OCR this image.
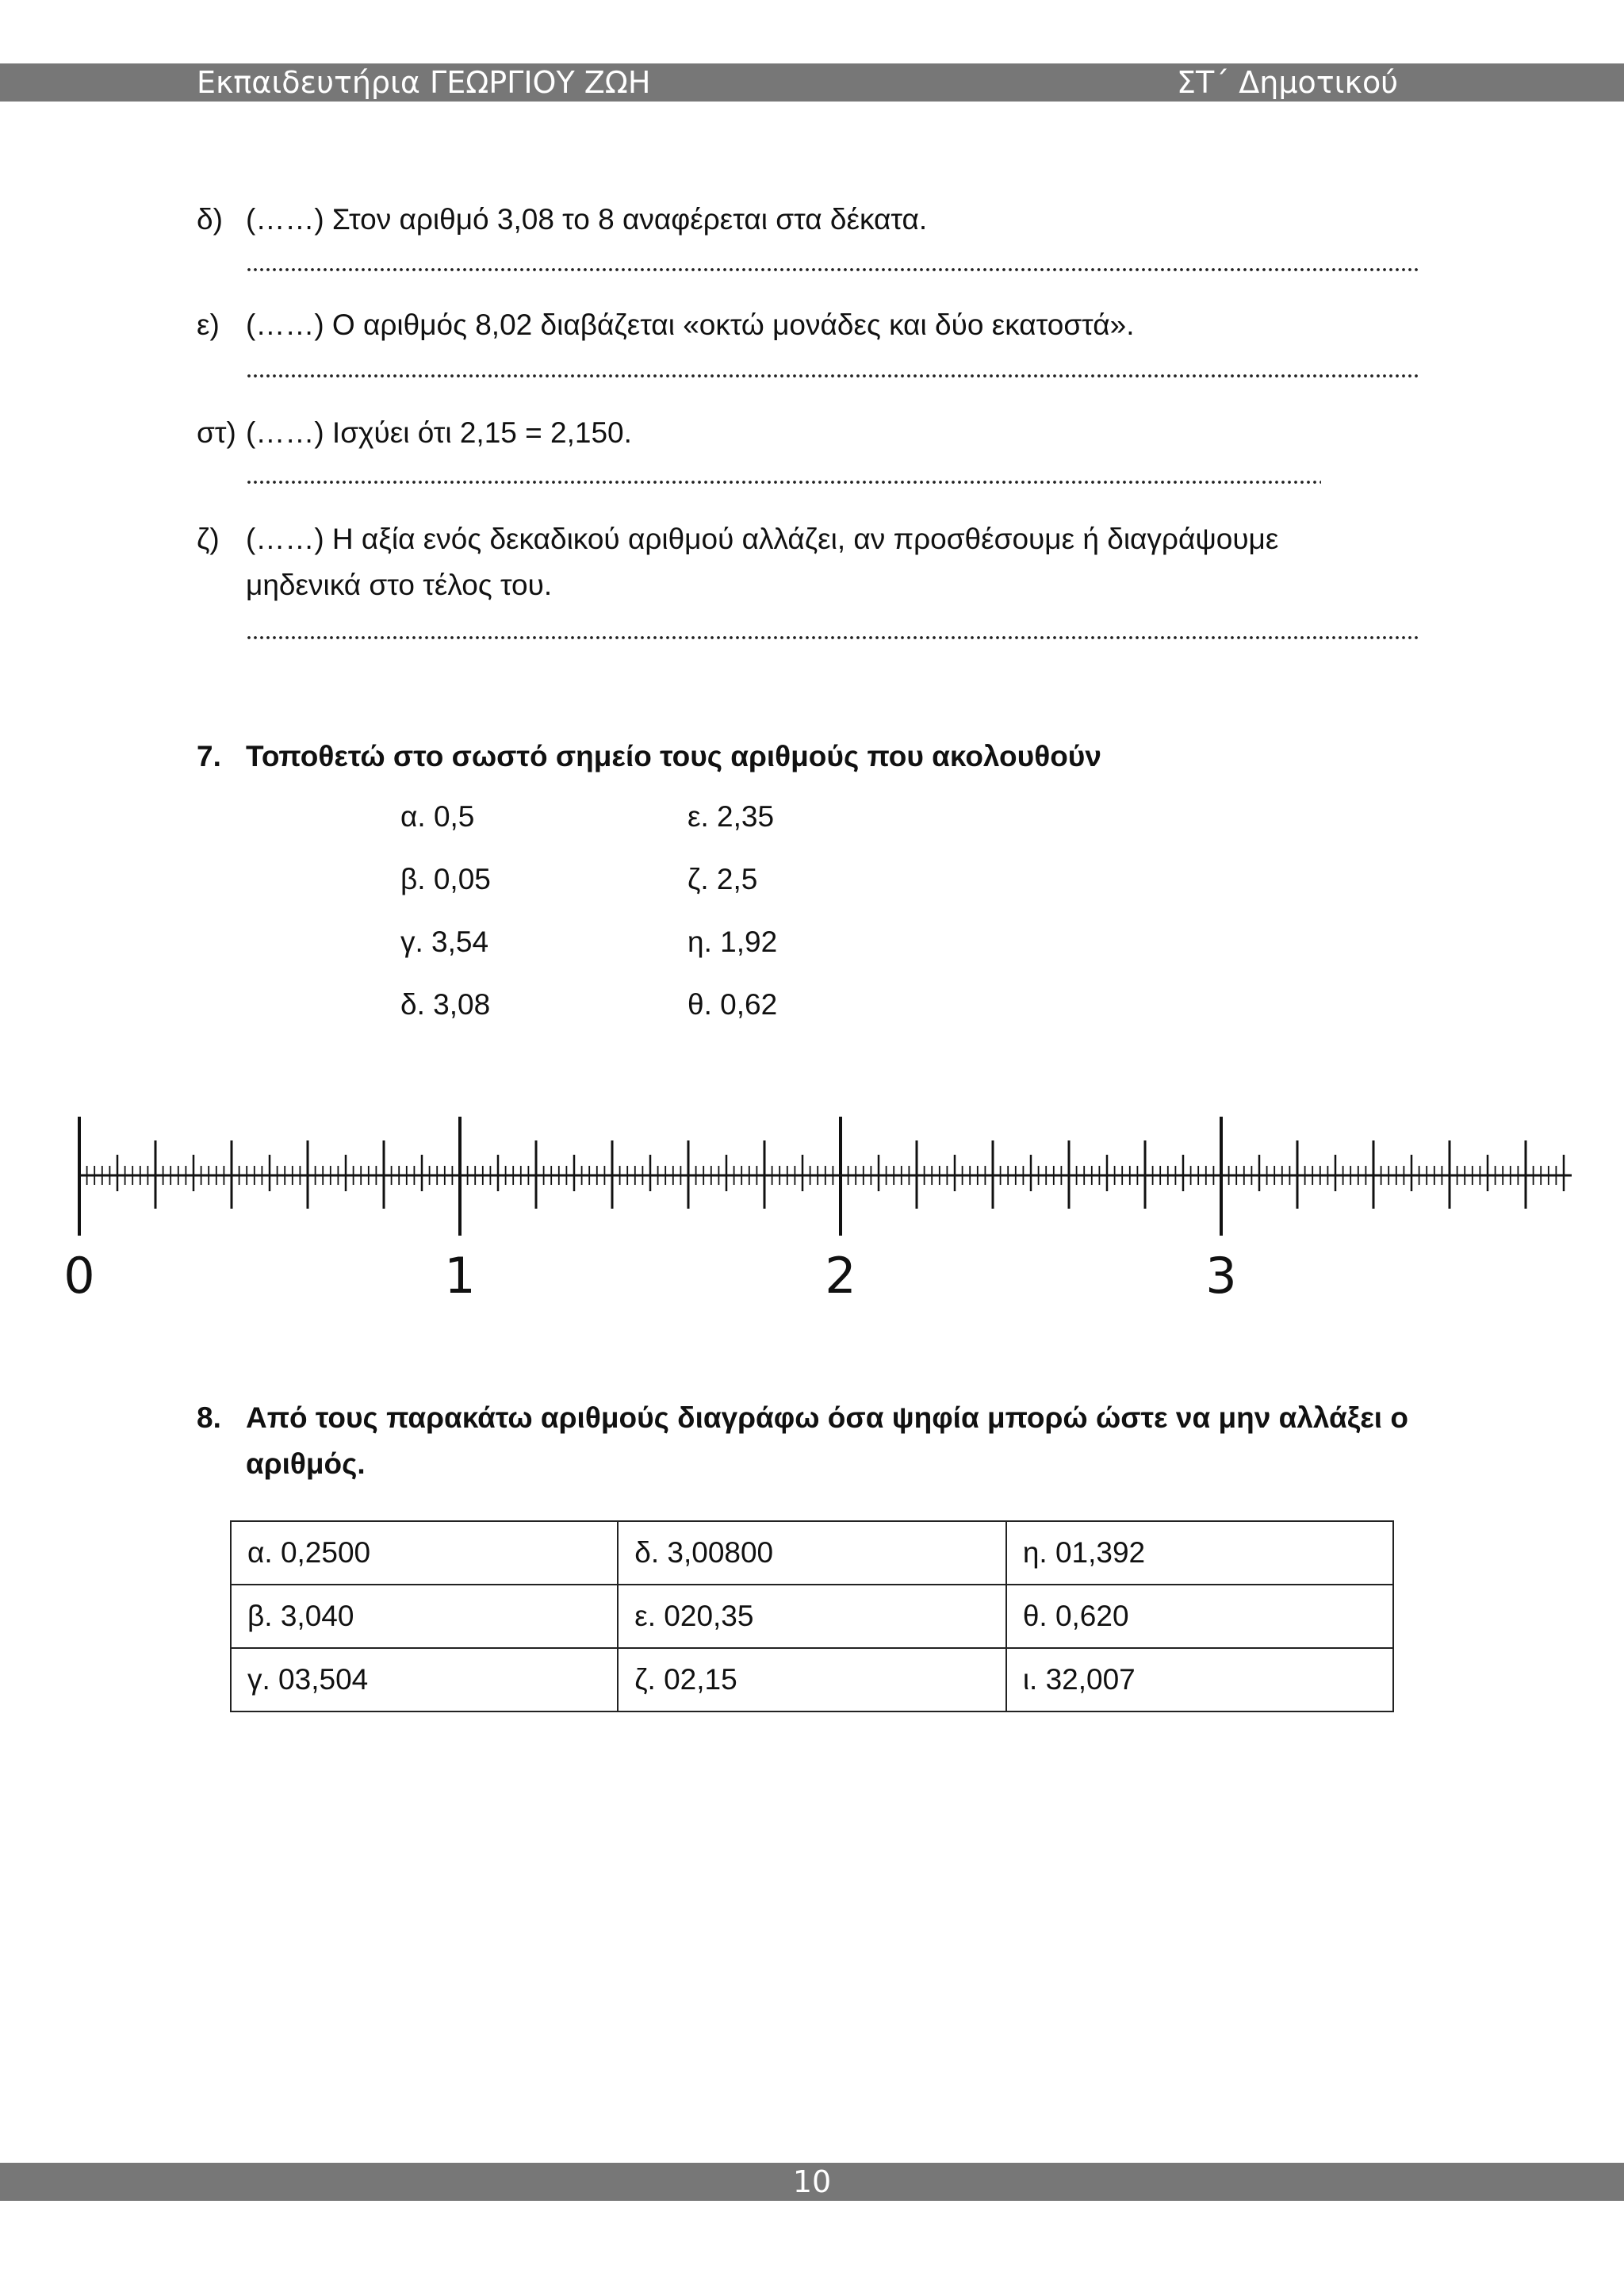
Εκπαιδευτήρια ΓΕΩΡΓΙΟΥ ΖΩΗ	ΣΤ΄ Δημοτικού
δ) (……) Στον αριθμό 3,08 το 8 αναφέρεται στα δέκατα.
ε) (……) Ο αριθμός 8,02 διαβάζεται «οκτώ μονάδες και δύο εκατοστά».
στ) (……) Ισχύει ότι 2,15 = 2,150.
ζ) (……) Η αξία ενός δεκαδικού αριθμού αλλάζει, αν προσθέσουμε ή διαγράψουμε
μηδενικά στο τέλος του.
7. Τοποθετώ στο σωστό σημείο τους αριθμούς που ακολουθούν
α. 0,5
β. 0,05
γ. 3,54
δ. 3,08
ε. 2,35
ζ. 2,5
η. 1,92
θ. 0,62
0	1	2	3
8. Από τους παρακάτω αριθμούς διαγράφω όσα ψηφία μπορώ ώστε να μην αλλάξει ο
αριθμός.
α. 0,2500	δ. 3,00800	η. 01,392
β. 3,040	ε. 020,35	θ. 0,620
γ. 03,504	ζ. 02,15	ι. 32,007
10
